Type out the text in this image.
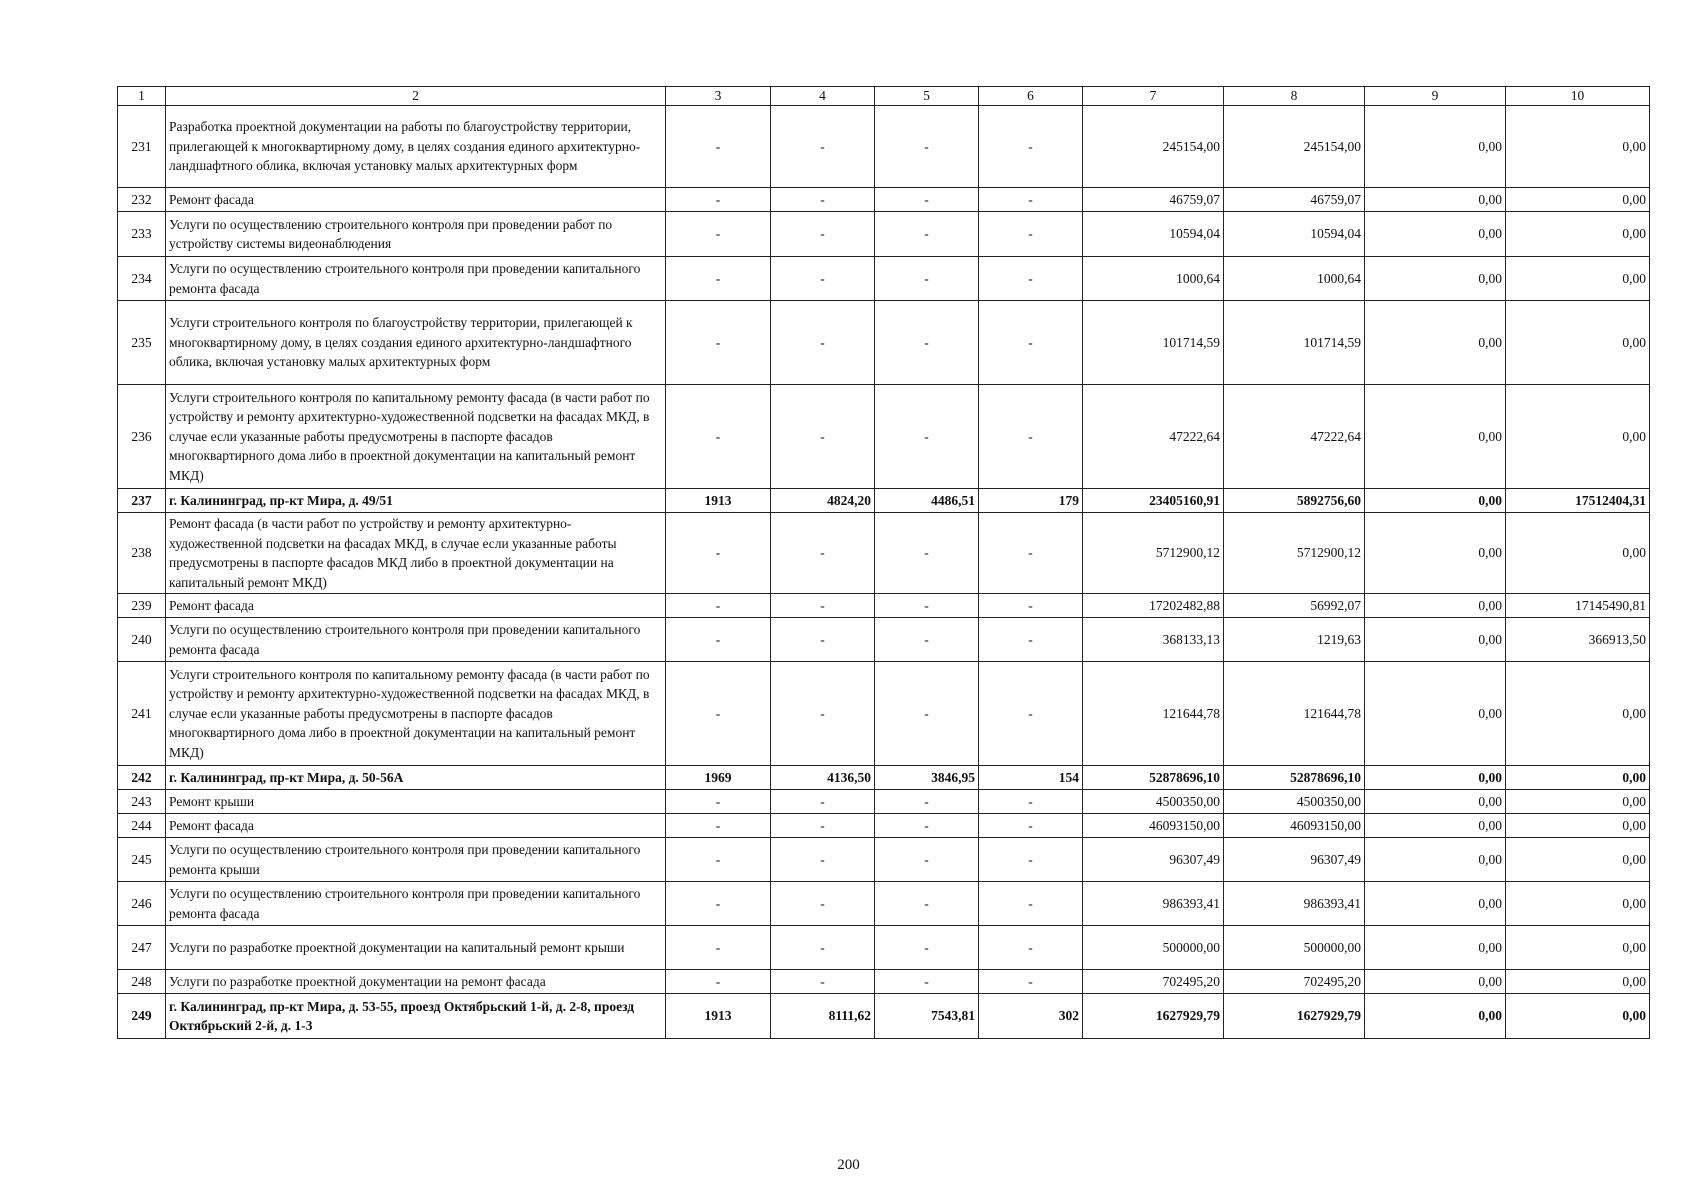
1	2	3	4	5	6	7	8	9	10
231	Разработка проектной документации на работы по благоустройству территории, прилегающей к многоквартирному дому, в целях создания единого архитектурно-ландшафтного облика, включая установку малых архитектурных форм	-	-	-	-	245154,00	245154,00	0,00	0,00
232	Ремонт фасада	-	-	-	-	46759,07	46759,07	0,00	0,00
233	Услуги по осуществлению строительного контроля при проведении работ по устройству системы видеонаблюдения	-	-	-	-	10594,04	10594,04	0,00	0,00
234	Услуги по осуществлению строительного контроля при проведении капитального ремонта фасада	-	-	-	-	1000,64	1000,64	0,00	0,00
235	Услуги строительного контроля по благоустройству территории, прилегающей к многоквартирному дому, в целях создания единого архитектурно-ландшафтного облика, включая установку малых архитектурных форм	-	-	-	-	101714,59	101714,59	0,00	0,00
236	Услуги строительного контроля по капитальному ремонту фасада (в части работ по устройству и ремонту архитектурно-художественной подсветки на фасадах МКД, в случае если указанные работы предусмотрены в паспорте фасадов многоквартирного дома либо в проектной документации на капитальный ремонт МКД)	-	-	-	-	47222,64	47222,64	0,00	0,00
237	г. Калининград, пр-кт Мира, д. 49/51	1913	4824,20	4486,51	179	23405160,91	5892756,60	0,00	17512404,31
238	Ремонт фасада (в части работ по устройству и ремонту архитектурно-художественной подсветки на фасадах МКД, в случае если указанные работы предусмотрены в паспорте фасадов МКД либо в проектной документации на капитальный ремонт МКД)	-	-	-	-	5712900,12	5712900,12	0,00	0,00
239	Ремонт фасада	-	-	-	-	17202482,88	56992,07	0,00	17145490,81
240	Услуги по осуществлению строительного контроля при проведении капитального ремонта фасада	-	-	-	-	368133,13	1219,63	0,00	366913,50
241	Услуги строительного контроля по капитальному ремонту фасада (в части работ по устройству и ремонту архитектурно-художественной подсветки на фасадах МКД, в случае если указанные работы предусмотрены в паспорте фасадов многоквартирного дома либо в проектной документации на капитальный ремонт МКД)	-	-	-	-	121644,78	121644,78	0,00	0,00
242	г. Калининград, пр-кт Мира, д. 50-56А	1969	4136,50	3846,95	154	52878696,10	52878696,10	0,00	0,00
243	Ремонт крыши	-	-	-	-	4500350,00	4500350,00	0,00	0,00
244	Ремонт фасада	-	-	-	-	46093150,00	46093150,00	0,00	0,00
245	Услуги по осуществлению строительного контроля при проведении капитального ремонта крыши	-	-	-	-	96307,49	96307,49	0,00	0,00
246	Услуги по осуществлению строительного контроля при проведении капитального ремонта фасада	-	-	-	-	986393,41	986393,41	0,00	0,00
247	Услуги по разработке проектной документации на капитальный ремонт крыши	-	-	-	-	500000,00	500000,00	0,00	0,00
248	Услуги по разработке проектной документации на ремонт фасада	-	-	-	-	702495,20	702495,20	0,00	0,00
249	г. Калининград, пр-кт Мира, д. 53-55, проезд Октябрьский 1-й, д. 2-8, проезд Октябрьский 2-й, д. 1-3	1913	8111,62	7543,81	302	1627929,79	1627929,79	0,00	0,00
200
